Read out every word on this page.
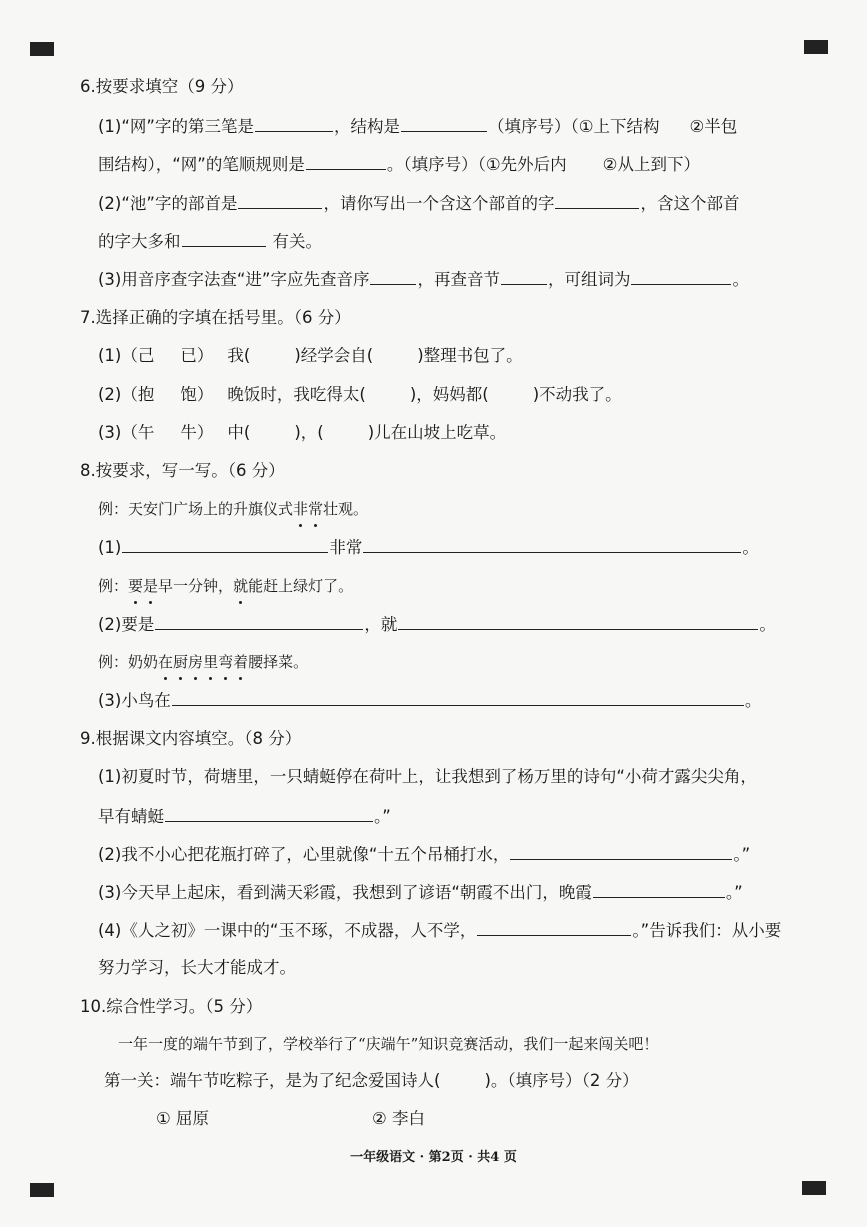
6.按要求填空（9 分）
(1)“网”字的第三笔是	，结构是	（填序号）（①上下结构 ②半包
围结构），“网”的笔顺规则是	。（填序号）（①先外后内 ②从上到下）
(2)“池”字的部首是	，请你写出一个含这个部首的字	，含这个部首
的字大多和	有关。
(3)用音序查字法查“进”字应先查音序	，再查音节	，可组词为	。
7.选择正确的字填在括号里。（6 分）
(1)（己 已） 我(	)经学会自(	)整理书包了。
(2)（抱 饱） 晚饭时，我吃得太(	)，妈妈都(	)不动我了。
(3)（午 牛） 中(	)，(	)儿在山坡上吃草。
8.按要求，写一写。（6 分）
例：天安门广场上的升旗仪式非常壮观。
(1)	非常	。
例：要是早一分钟，就能赶上绿灯了。
(2)要是	，就	。
例：奶奶在厨房里弯着腰择菜。
(3)小鸟在	。
9.根据课文内容填空。（8 分）
(1)初夏时节，荷塘里，一只蜻蜓停在荷叶上，让我想到了杨万里的诗句“小荷才露尖尖角，
早有蜻蜓	。”
(2)我不小心把花瓶打碎了，心里就像“十五个吊桶打水，	。”
(3)今天早上起床，看到满天彩霞，我想到了谚语“朝霞不出门，晚霞	。”
(4)《人之初》一课中的“玉不琢，不成器，人不学，	。”告诉我们：从小要
努力学习，长大才能成才。
10.综合性学习。（5 分）
一年一度的端午节到了，学校举行了“庆端午”知识竞赛活动，我们一起来闯关吧！
第一关：端午节吃粽子，是为了纪念爱国诗人(	)。（填序号）（2 分）
① 屈原	② 李白
一年级语文 · 第2页 · 共4 页
